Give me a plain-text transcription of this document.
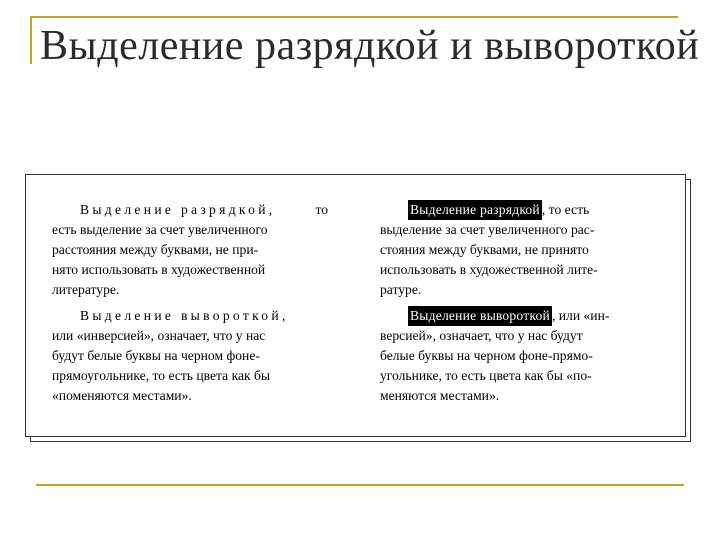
Выделение разрядкой и вывороткой
Выделение разрядкой,	то
есть выделение за счет увеличенного
расстояния между буквами, не при-
нято использовать в художественной
литературе.
Выделение вывороткой,
или «инверсией», означает, что у нас
будут белые буквы на черном фоне-
прямоугольнике, то есть цвета как бы
«поменяются местами».
Выделение разрядкой , то есть
выделение за счет увеличенного рас-
стояния между буквами, не принято
использовать в художественной лите-
ратуре.
Выделение вывороткой , или «ин-
версией», означает, что у нас будут
белые буквы на черном фоне-прямо-
угольнике, то есть цвета как бы «по-
меняются местами».
